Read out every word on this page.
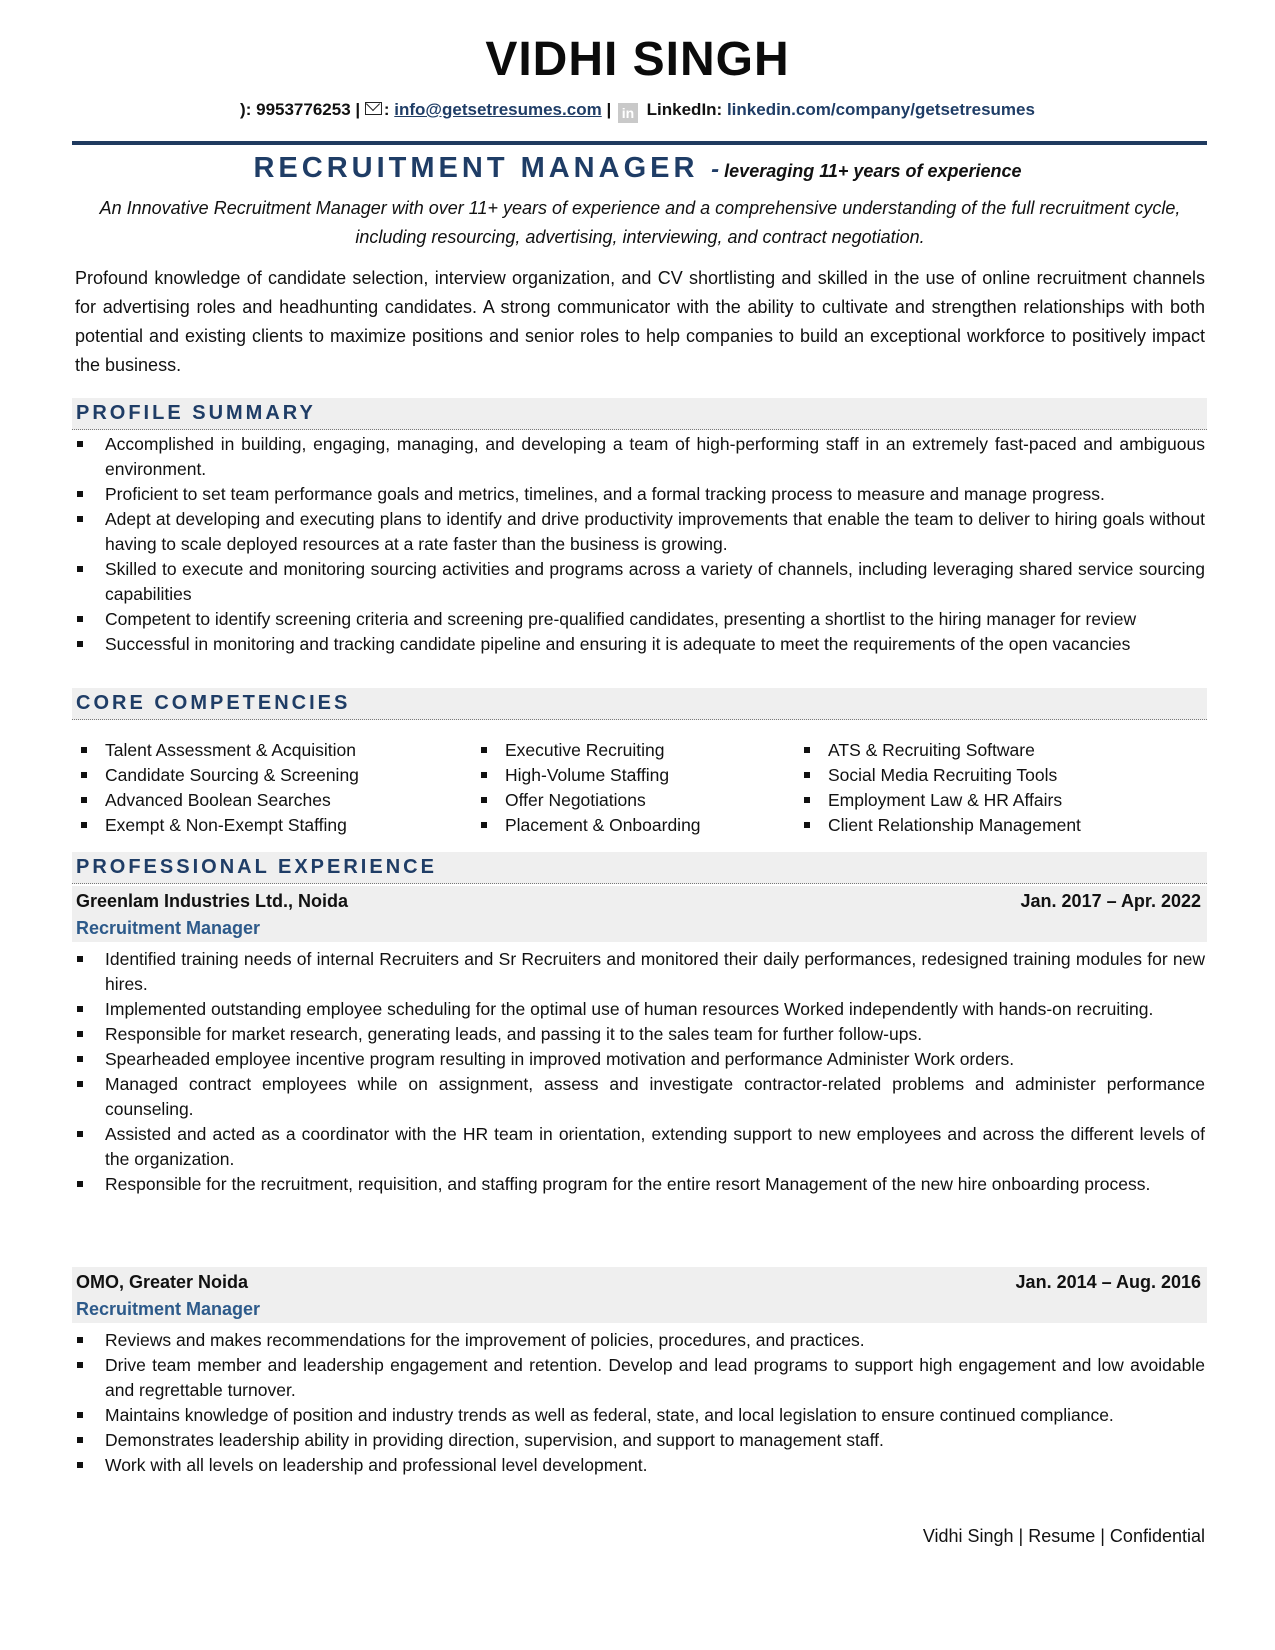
VIDHI SINGH
): 9953776253 | : info@getsetresumes.com | in LinkedIn: linkedin.com/company/getsetresumes
RECRUITMENT MANAGER - leveraging 11+ years of experience
An Innovative Recruitment Manager with over 11+ years of experience and a comprehensive understanding of the full recruitment cycle, including resourcing, advertising, interviewing, and contract negotiation.
Profound knowledge of candidate selection, interview organization, and CV shortlisting and skilled in the use of online recruitment channels for advertising roles and headhunting candidates. A strong communicator with the ability to cultivate and strengthen relationships with both potential and existing clients to maximize positions and senior roles to help companies to build an exceptional workforce to positively impact the business.
PROFILE SUMMARY
Accomplished in building, engaging, managing, and developing a team of high-performing staff in an extremely fast-paced and ambiguous environment.
Proficient to set team performance goals and metrics, timelines, and a formal tracking process to measure and manage progress.
Adept at developing and executing plans to identify and drive productivity improvements that enable the team to deliver to hiring goals without having to scale deployed resources at a rate faster than the business is growing.
Skilled to execute and monitoring sourcing activities and programs across a variety of channels, including leveraging shared service sourcing capabilities
Competent to identify screening criteria and screening pre-qualified candidates, presenting a shortlist to the hiring manager for review
Successful in monitoring and tracking candidate pipeline and ensuring it is adequate to meet the requirements of the open vacancies
CORE COMPETENCIES
Talent Assessment & Acquisition
Candidate Sourcing & Screening
Advanced Boolean Searches
Exempt & Non-Exempt Staffing
Executive Recruiting
High-Volume Staffing
Offer Negotiations
Placement & Onboarding
ATS & Recruiting Software
Social Media Recruiting Tools
Employment Law & HR Affairs
Client Relationship Management
PROFESSIONAL EXPERIENCE
Greenlam Industries Ltd., Noida	Jan. 2017 – Apr. 2022
Recruitment Manager
Identified training needs of internal Recruiters and Sr Recruiters and monitored their daily performances, redesigned training modules for new hires.
Implemented outstanding employee scheduling for the optimal use of human resources Worked independently with hands-on recruiting.
Responsible for market research, generating leads, and passing it to the sales team for further follow-ups.
Spearheaded employee incentive program resulting in improved motivation and performance Administer Work orders.
Managed contract employees while on assignment, assess and investigate contractor-related problems and administer performance counseling.
Assisted and acted as a coordinator with the HR team in orientation, extending support to new employees and across the different levels of the organization.
Responsible for the recruitment, requisition, and staffing program for the entire resort Management of the new hire onboarding process.
OMO, Greater Noida	Jan. 2014 – Aug. 2016
Recruitment Manager
Reviews and makes recommendations for the improvement of policies, procedures, and practices.
Drive team member and leadership engagement and retention. Develop and lead programs to support high engagement and low avoidable and regrettable turnover.
Maintains knowledge of position and industry trends as well as federal, state, and local legislation to ensure continued compliance.
Demonstrates leadership ability in providing direction, supervision, and support to management staff.
Work with all levels on leadership and professional level development.
Vidhi Singh | Resume | Confidential
